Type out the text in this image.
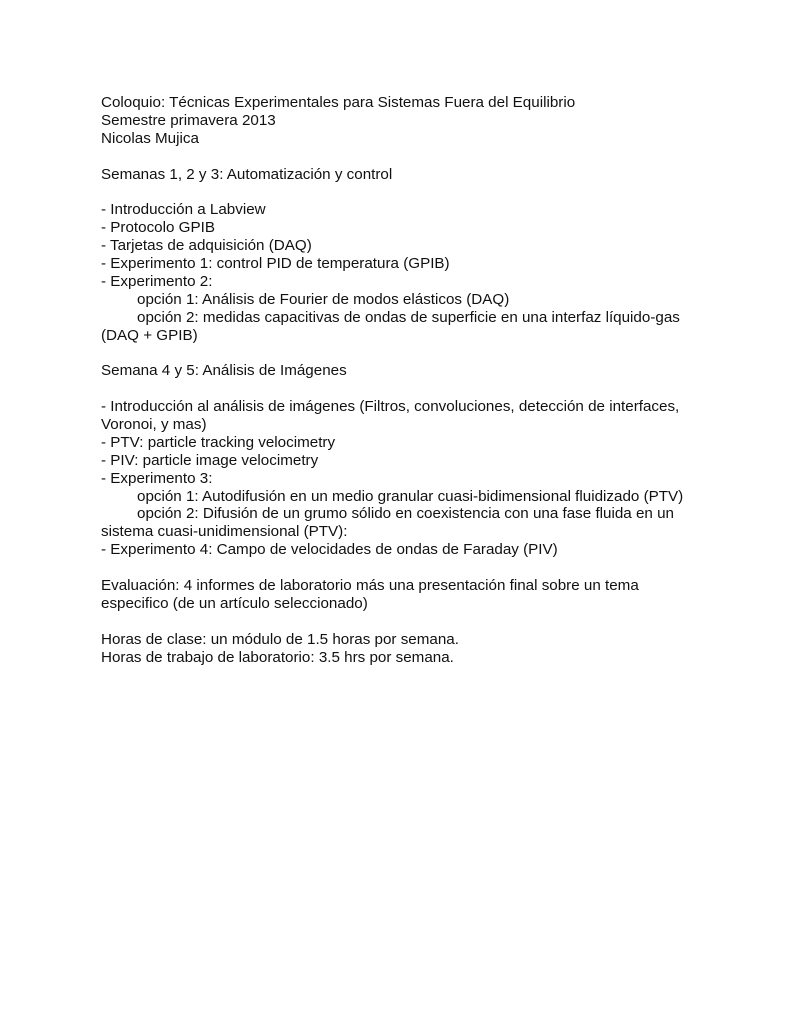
Coloquio: Técnicas Experimentales para Sistemas Fuera del Equilibrio
Semestre primavera 2013
Nicolas Mujica
Semanas 1, 2 y 3: Automatización y control
- Introducción a Labview
- Protocolo GPIB
- Tarjetas de adquisición (DAQ)
- Experimento 1: control PID de temperatura (GPIB)
- Experimento 2:
opción 1: Análisis de Fourier de modos elásticos (DAQ)
opción 2: medidas capacitivas de ondas de superficie en una interfaz líquido-gas
(DAQ + GPIB)
Semana 4 y 5: Análisis de Imágenes
- Introducción al análisis de imágenes (Filtros, convoluciones, detección de interfaces,
Voronoi, y mas)
- PTV: particle tracking velocimetry
- PIV: particle image velocimetry
- Experimento 3:
opción 1: Autodifusión en un medio granular cuasi-bidimensional fluidizado (PTV)
opción 2: Difusión de un grumo sólido en coexistencia con una fase fluida en un
sistema cuasi-unidimensional (PTV):
- Experimento 4: Campo de velocidades de ondas de Faraday (PIV)
Evaluación: 4 informes de laboratorio más una presentación final sobre un tema
especifico (de un artículo seleccionado)
Horas de clase: un módulo de 1.5 horas por semana.
Horas de trabajo de laboratorio: 3.5 hrs por semana.
